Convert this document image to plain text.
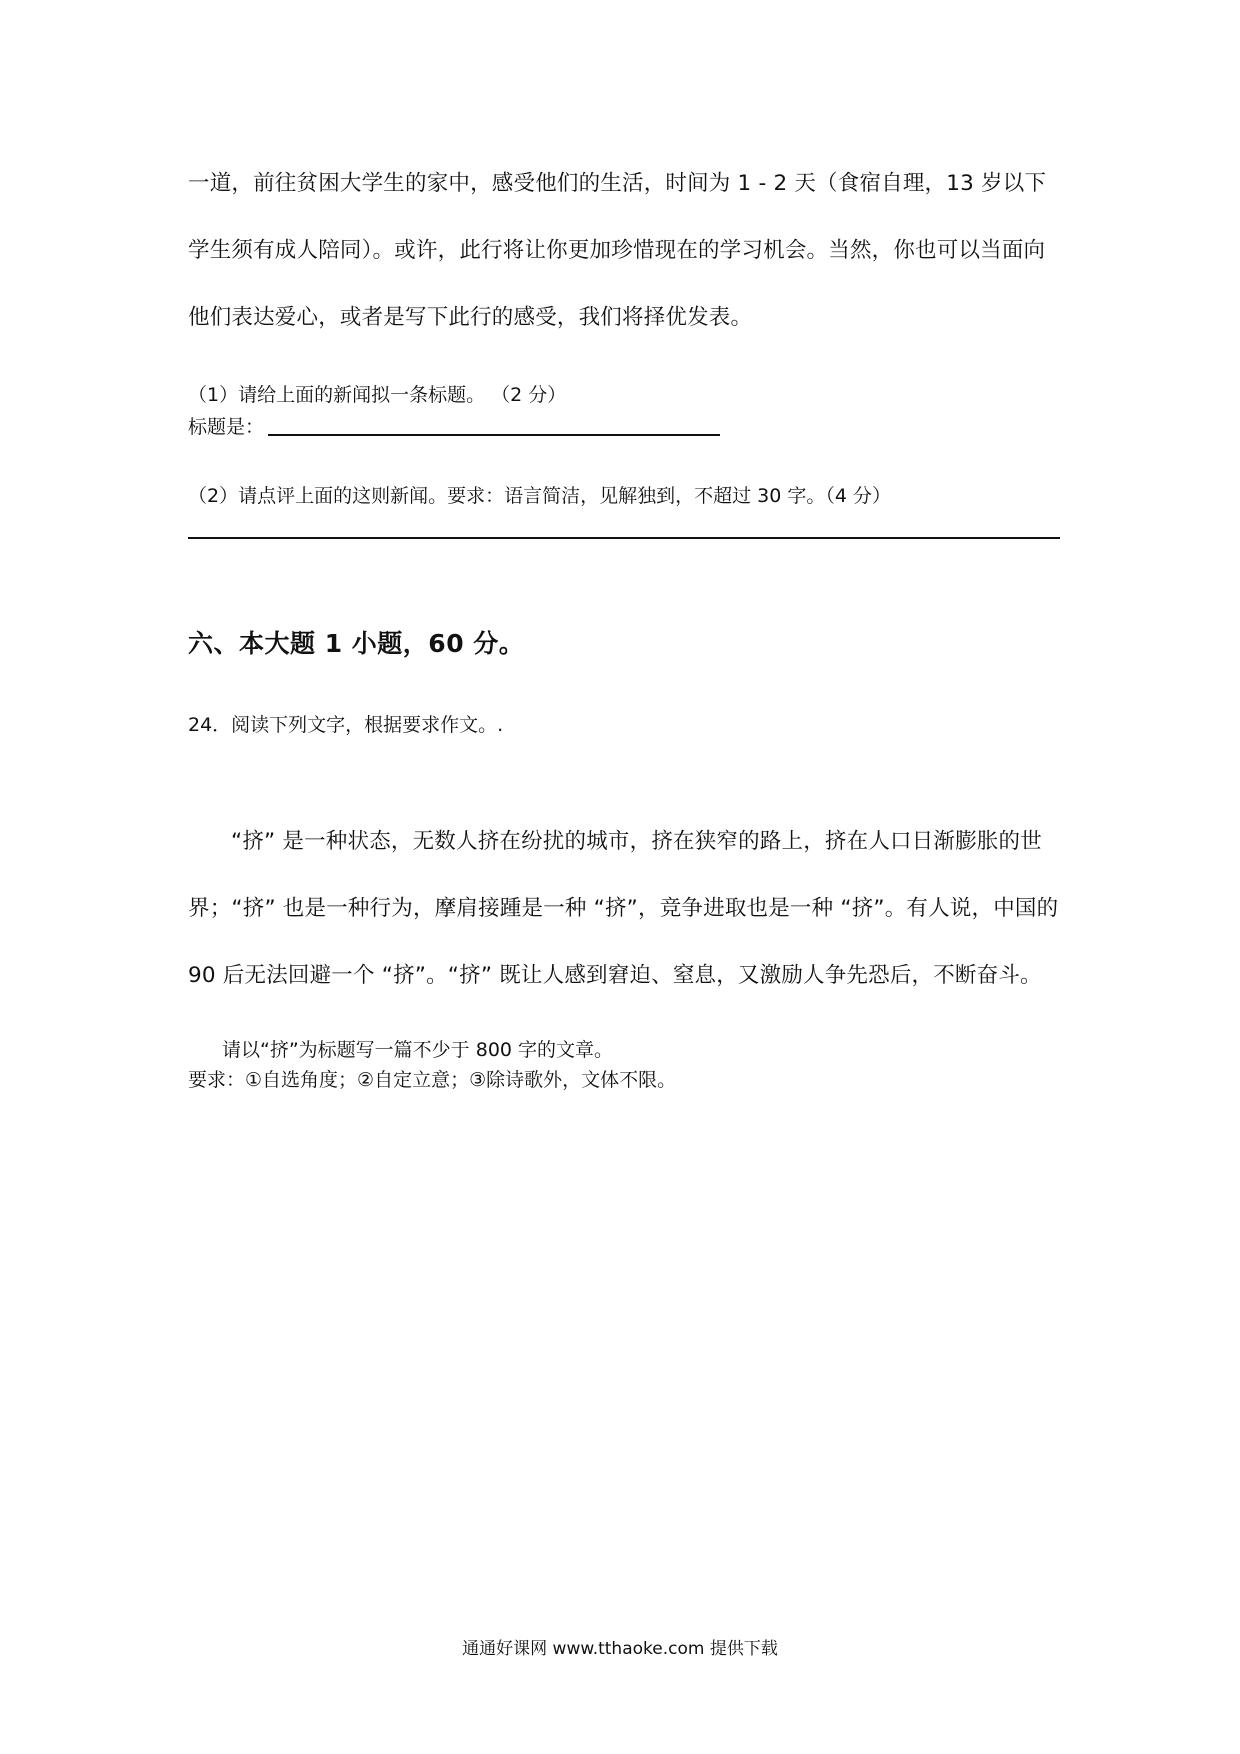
一道，前往贫困大学生的家中，感受他们的生活，时间为 1 - 2 天（食宿自理，13 岁以下学生须有成人陪同）。或许，此行将让你更加珍惜现在的学习机会。当然，你也可以当面向他们表达爱心，或者是写下此行的感受，我们将择优发表。

（1）请给上面的新闻拟一条标题。 （2 分）

标题是：

（2）请点评上面的这则新闻。要求：语言简洁，见解独到，不超过 30 字。（4 分）

六、本大题 1 小题，60 分。

24．阅读下列文字，根据要求作文。.

“挤” 是一种状态，无数人挤在纷扰的城市，挤在狭窄的路上，挤在人口日渐膨胀的世界；“挤” 也是一种行为，摩肩接踵是一种 “挤”，竞争进取也是一种 “挤”。有人说，中国的 90 后无法回避一个 “挤”。“挤” 既让人感到窘迫、窒息，又激励人争先恐后，不断奋斗。

请以“挤”为标题写一篇不少于 800 字的文章。

要求：①自选角度；②自定立意；③除诗歌外，文体不限。

通通好课网 www.tthaoke.com 提供下载
